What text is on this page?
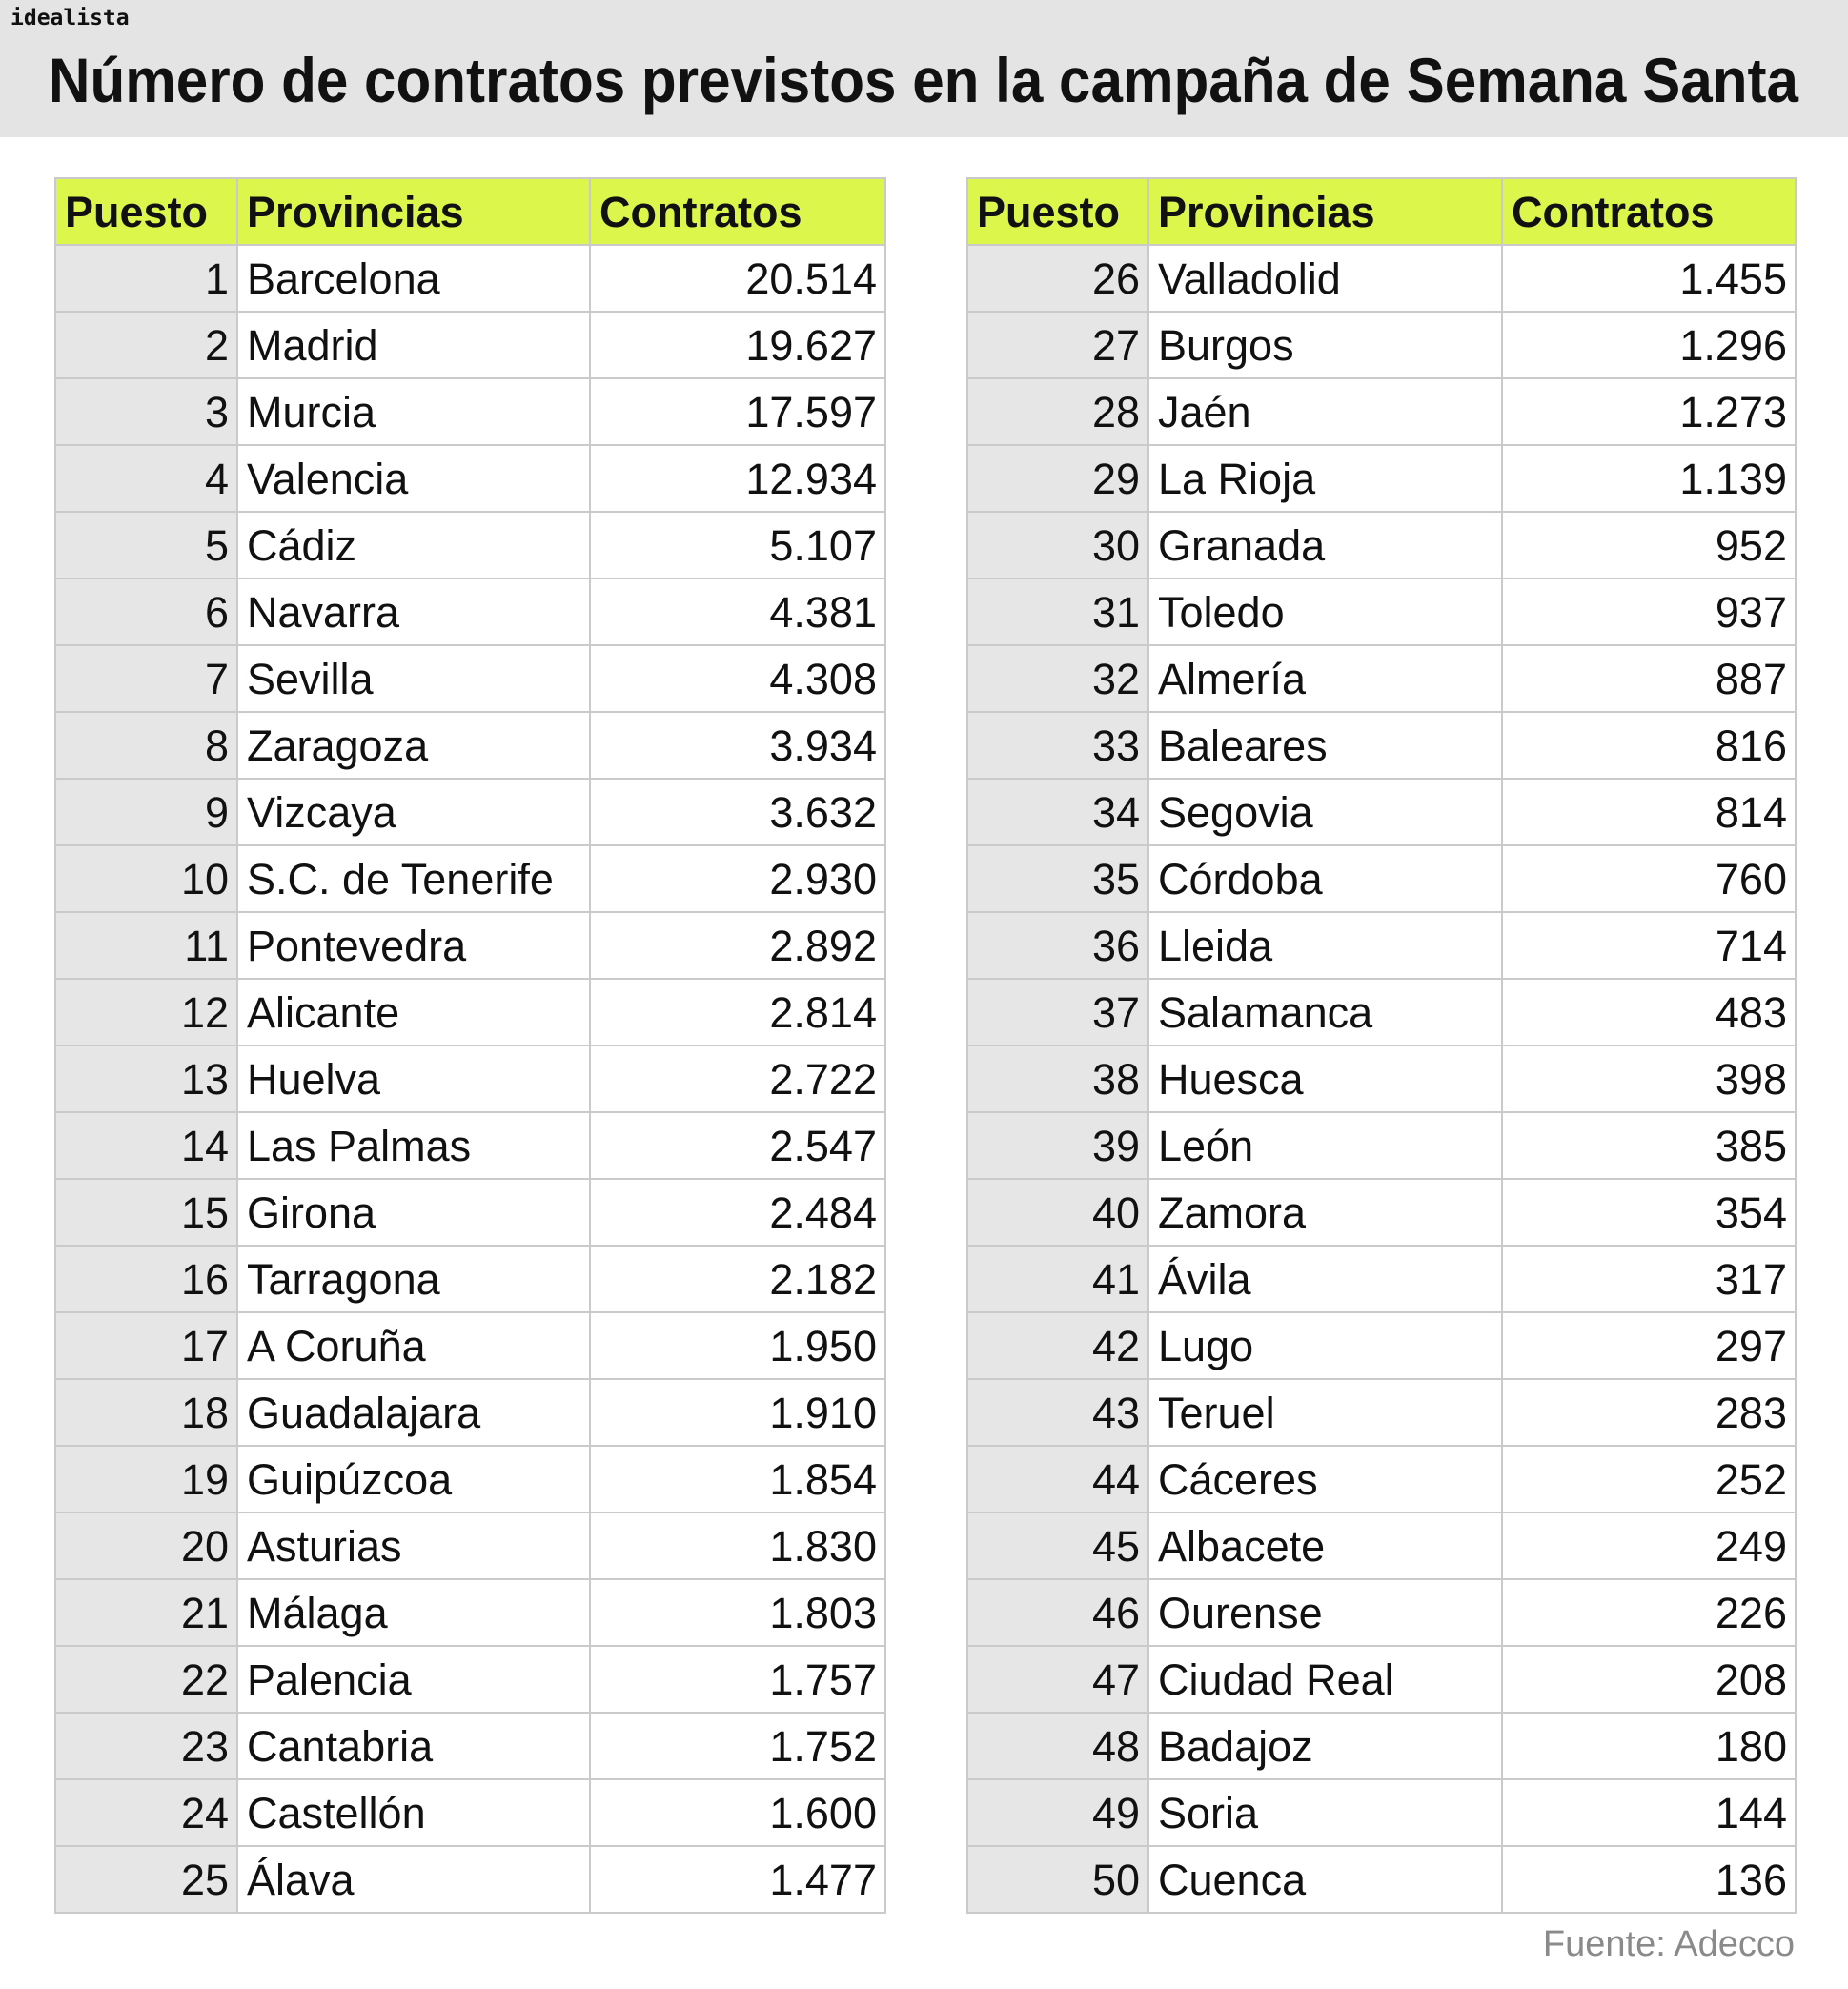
idealista
Número de contratos previstos en la campaña de Semana Santa
Puesto	Provincias	Contratos
1	Barcelona	20.514
2	Madrid	19.627
3	Murcia	17.597
4	Valencia	12.934
5	Cádiz	5.107
6	Navarra	4.381
7	Sevilla	4.308
8	Zaragoza	3.934
9	Vizcaya	3.632
10	S.C. de Tenerife	2.930
11	Pontevedra	2.892
12	Alicante	2.814
13	Huelva	2.722
14	Las Palmas	2.547
15	Girona	2.484
16	Tarragona	2.182
17	A Coruña	1.950
18	Guadalajara	1.910
19	Guipúzcoa	1.854
20	Asturias	1.830
21	Málaga	1.803
22	Palencia	1.757
23	Cantabria	1.752
24	Castellón	1.600
25	Álava	1.477
Puesto	Provincias	Contratos
26	Valladolid	1.455
27	Burgos	1.296
28	Jaén	1.273
29	La Rioja	1.139
30	Granada	952
31	Toledo	937
32	Almería	887
33	Baleares	816
34	Segovia	814
35	Córdoba	760
36	Lleida	714
37	Salamanca	483
38	Huesca	398
39	León	385
40	Zamora	354
41	Ávila	317
42	Lugo	297
43	Teruel	283
44	Cáceres	252
45	Albacete	249
46	Ourense	226
47	Ciudad Real	208
48	Badajoz	180
49	Soria	144
50	Cuenca	136
Fuente: Adecco
